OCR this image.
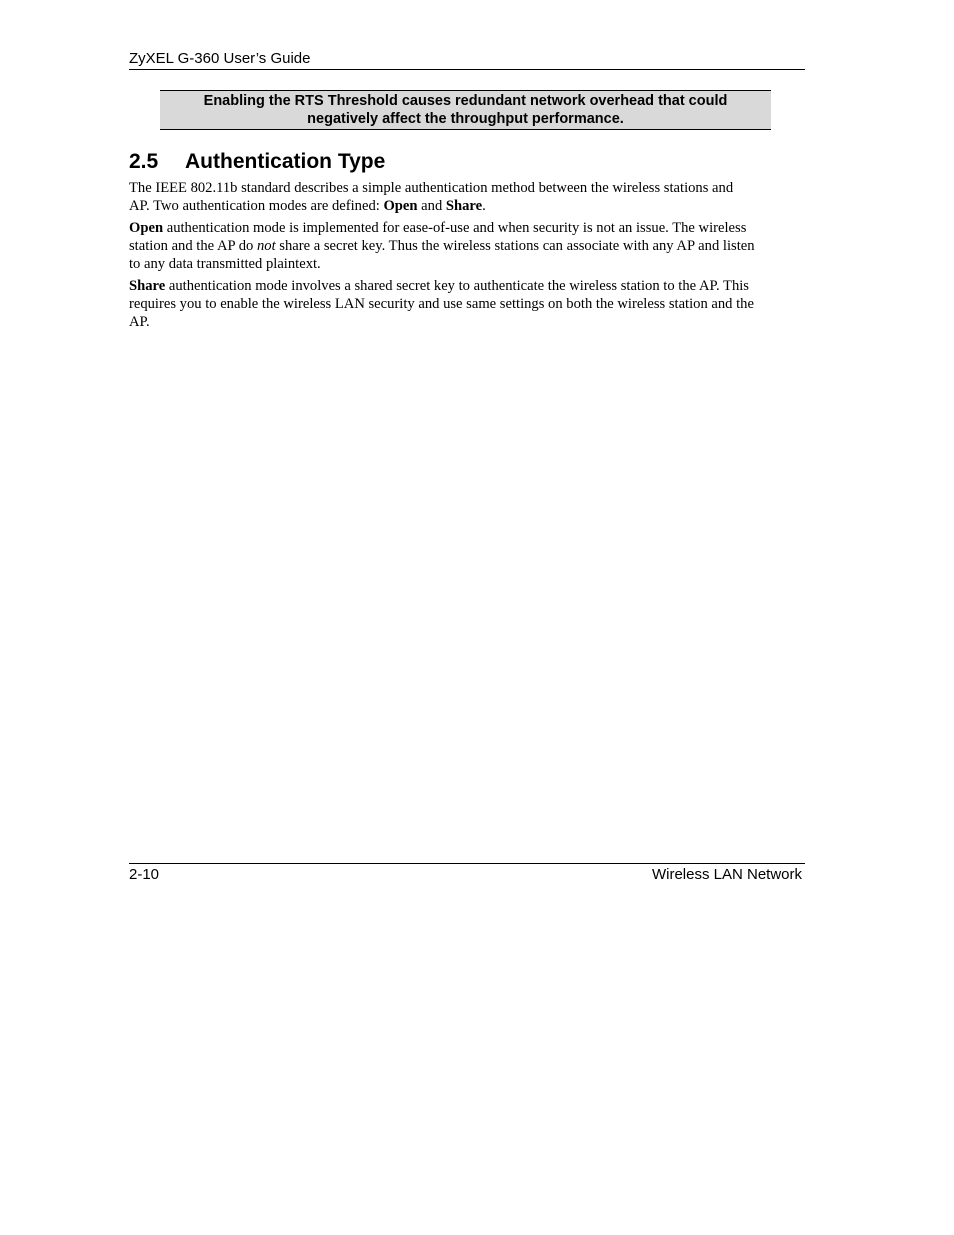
ZyXEL G-360 User’s Guide
Enabling the RTS Threshold causes redundant network overhead that could
negatively affect the throughput performance.
2.5 Authentication Type

The IEEE 802.11b standard describes a simple authentication method between the wireless stations and
AP. Two authentication modes are defined: Open and Share.

Open authentication mode is implemented for ease-of-use and when security is not an issue. The wireless
station and the AP do not share a secret key. Thus the wireless stations can associate with any AP and listen
to any data transmitted plaintext.

Share authentication mode involves a shared secret key to authenticate the wireless station to the AP. This
requires you to enable the wireless LAN security and use same settings on both the wireless station and the
AP.

2-10	Wireless LAN Network
